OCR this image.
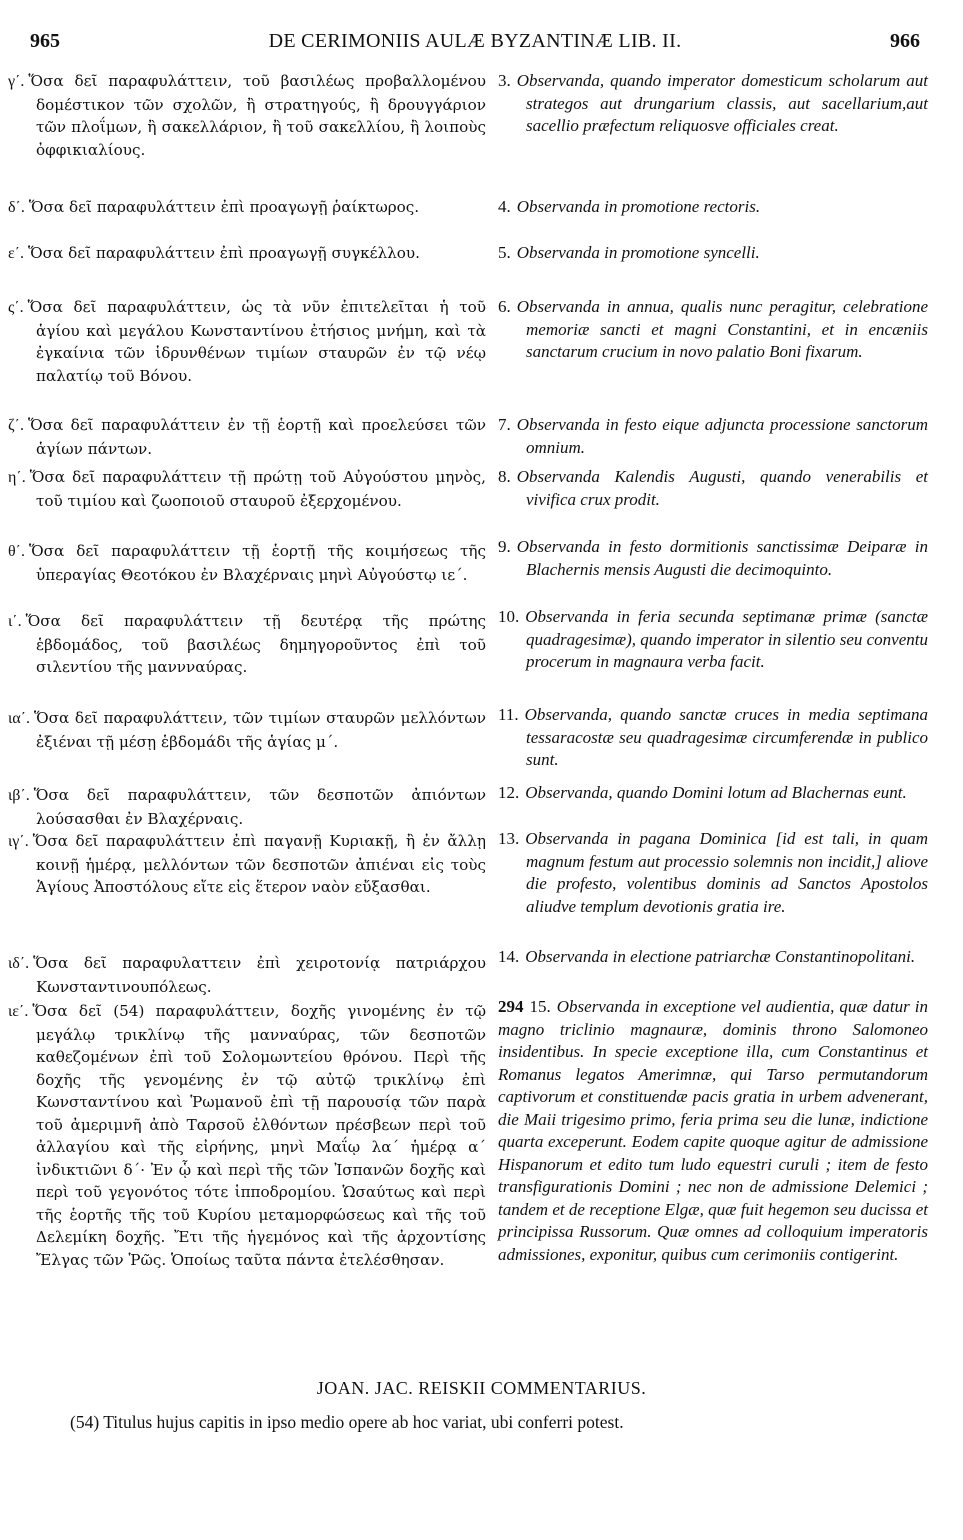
965	DE CERIMONIIS AULÆ BYZANTINÆ LIB. II.	966
γ΄. Ὅσα δεῖ παραφυλάττειν, τοῦ βασιλέως προβαλλομένου δομέστικον τῶν σχολῶν, ἢ στρατηγούς, ἢ δρουγγάριον τῶν πλοΐμων, ἢ σακελλάριον, ἢ τοῦ σακελλίου, ἢ λοιποὺς ὀφφικιαλίους.
δ΄. Ὅσα δεῖ παραφυλάττειν ἐπὶ προαγωγῇ ῥαίκτωρος.
ε΄. Ὅσα δεῖ παραφυλάττειν ἐπὶ προαγωγῇ συγκέλλου.
ς΄. Ὅσα δεῖ παραφυλάττειν, ὡς τὰ νῦν ἐπιτελεῖται ἡ τοῦ ἁγίου καὶ μεγάλου Κωνσταντίνου ἐτήσιος μνήμη, καὶ τὰ ἐγκαίνια τῶν ἱδρυνθένων τιμίων σταυρῶν ἐν τῷ νέῳ παλατίῳ τοῦ Βόνου.
ζ΄. Ὅσα δεῖ παραφυλάττειν ἐν τῇ ἑορτῇ καὶ προελεύσει τῶν ἁγίων πάντων.
η΄. Ὅσα δεῖ παραφυλάττειν τῇ πρώτῃ τοῦ Αὐγούστου μηνὸς, τοῦ τιμίου καὶ ζωοποιοῦ σταυροῦ ἐξερχομένου.
θ΄. Ὅσα δεῖ παραφυλάττειν τῇ ἑορτῇ τῆς κοιμήσεως τῆς ὑπεραγίας Θεοτόκου ἐν Βλαχέρναις μηνὶ Αὐγούστῳ ιε΄.
ι΄. Ὅσα δεῖ παραφυλάττειν τῇ δευτέρᾳ τῆς πρώτης ἑβδομάδος, τοῦ βασιλέως δημηγοροῦντος ἐπὶ τοῦ σιλεντίου τῆς μαννναύρας.
ια΄. Ὅσα δεῖ παραφυλάττειν, τῶν τιμίων σταυρῶν μελλόντων ἐξιέναι τῇ μέσῃ ἑβδομάδι τῆς ἁγίας μ΄.
ιβ΄. Ὅσα δεῖ παραφυλάττειν, τῶν δεσποτῶν ἀπιόντων λούσασθαι ἐν Βλαχέρναις.
ιγ΄. Ὅσα δεῖ παραφυλάττειν ἐπὶ παγανῇ Κυριακῇ, ἢ ἐν ἄλλῃ κοινῇ ἡμέρᾳ, μελλόντων τῶν δεσποτῶν ἀπιέναι εἰς τοὺς Ἁγίους Ἀποστόλους εἴτε εἰς ἕτερον ναὸν εὔξασθαι.
ιδ΄. Ὅσα δεῖ παραφυλαττειν ἐπὶ χειροτονίᾳ πατριάρχου Κωνσταντινουπόλεως.
ιε΄. Ὅσα δεῖ (54) παραφυλάττειν, δοχῆς γινομένης ἐν τῷ μεγάλῳ τρικλίνῳ τῆς μανναύρας, τῶν δεσποτῶν καθεζομένων ἐπὶ τοῦ Σολομωντείου θρόνου. Περὶ τῆς δοχῆς τῆς γενομένης ἐν τῷ αὐτῷ τρικλίνῳ ἐπὶ Κωνσταντίνου καὶ Ῥωμανοῦ ἐπὶ τῇ παρουσίᾳ τῶν παρὰ τοῦ ἀμεριμνῆ ἀπὸ Ταρσοῦ ἐλθόντων πρέσβεων περὶ τοῦ ἀλλαγίου καὶ τῆς εἰρήνης, μηνὶ Μαΐῳ λα΄ ἡμέρᾳ α΄ ἰνδικτιῶνι δ΄· Ἐν ᾧ καὶ περὶ τῆς τῶν Ἰσπανῶν δοχῆς καὶ περὶ τοῦ γεγονότος τότε ἱπποδρομίου. Ὡσαύτως καὶ περὶ τῆς ἑορτῆς τῆς τοῦ Κυρίου μεταμορφώσεως καὶ τῆς τοῦ Δελεμίκη δοχῆς. Ἔτι τῆς ἡγεμόνος καὶ τῆς ἀρχοντίσης Ἔλγας τῶν Ῥῶς. Ὁποίως ταῦτα πάντα ἐτελέσθησαν.
3. Observanda, quando imperator domesticum scholarum aut strategos aut drungarium classis, aut sacellarium,aut sacellio præfectum reliquosve officiales creat.
4. Observanda in promotione rectoris.
5. Observanda in promotione syncelli.
6. Observanda in annua, qualis nunc peragitur, celebratione memoriæ sancti et magni Constantini, et in encæniis sanctarum crucium in novo palatio Boni fixarum.
7. Observanda in festo eique adjuncta processione sanctorum omnium.
8. Observanda Kalendis Augusti, quando venerabilis et vivifica crux prodit.
9. Observanda in festo dormitionis sanctissimæ Deiparæ in Blachernis mensis Augusti die decimoquinto.
10. Observanda in feria secunda septimanæ primæ (sanctæ quadragesimæ), quando imperator in silentio seu conventu procerum in magnaura verba facit.
11. Observanda, quando sanctæ cruces in media septimana tessaracostæ seu quadragesimæ circumferendæ in publico sunt.
12. Observanda, quando Domini lotum ad Blachernas eunt.
13. Observanda in pagana Dominica [id est tali, in quam magnum festum aut processio solemnis non incidit,] aliove die profesto, volentibus dominis ad Sanctos Apostolos aliudve templum devotionis gratia ire.
14. Observanda in electione patriarchæ Constantinopolitani.
294 15. Observanda in exceptione vel audientia, quæ datur in magno triclinio magnauræ, dominis throno Salomoneo insidentibus. In specie exceptione illa, cum Constantinus et Romanus legatos Amerimnæ, qui Tarso permutandorum captivorum et constituendæ pacis gratia in urbem advenerant, die Maii trigesimo primo, feria prima seu die lunæ, indictione quarta exceperunt. Eodem capite quoque agitur de admissione Hispanorum et edito tum ludo equestri curuli ; item de festo transfigurationis Domini ; nec non de admissione Delemici ; tandem et de receptione Elgæ, quæ fuit hegemon seu ducissa et principissa Russorum. Quæ omnes ad colloquium imperatoris admissiones, exponitur, quibus cum cerimoniis contigerint.
JOAN. JAC. REISKII COMMENTARIUS.
(54) Titulus hujus capitis in ipso medio opere ab hoc variat, ubi conferri potest.
